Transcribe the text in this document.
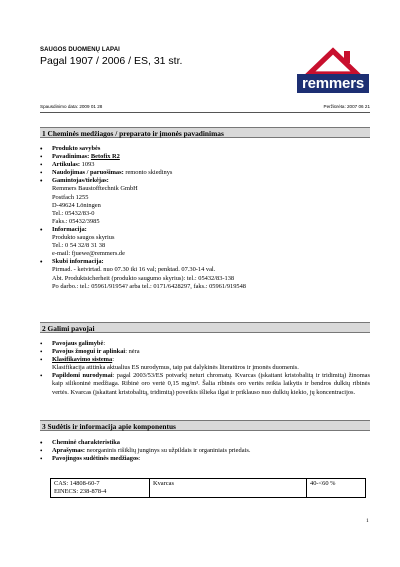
SAUGOS DUOMENŲ LAPAI
Pagal 1907 / 2006 / ES, 31 str.
remmers
Spausdinimo data: 2009 01 28	Peržiūrėta: 2007 06 21
1 Cheminės medžiagos / preparato ir įmonės pavadinimas
• Produkto savybės
• Pavadinimas: Betofix R2
• Artikulas: 1093
• Naudojimas / paruošimas: remonto skiedinys
• Gamintojas/tiekėjas:
Remmers Baustofftechnik GmbH
Postfach 1255
D-49624 Löningen
Tel.: 05432/83-0
Faks.: 05432/3985
• Informacija:
Produkto saugos skyrius
Tel.: 0 54 32/8 31 38
e-mail: fjuewe@remmers.de
• Skubi informacija:
Pirmad. - ketvirtad. nuo 07.30 iki 16 val; penktad. 07.30-14 val.
Abt. Produktsicherheit (produkto saugumo skyrius): tel.: 05432/83-138
Po darbo.: tel.: 05961/91954? arba tel.: 0171/6428297, faks.: 05961/919548
2 Galimi pavojai
• Pavojaus galimybė:
• Pavojus žmogui ir aplinkai: nėra
• Klasifikavimo sistema:
Klasifikacija atitinka aktualius ES nurodymus, taip pat dalykinės literatūros ir įmonės duomenis.
• Papildomi nurodymai: pagal 2003/53/ES potvarkį neturi chromatų. Kvarcas (įskaitant kristobalitą ir tridimitą) žinomas kaip silikoninė medžiaga. Ribinė oro vertė 0,15 mg/m³. Šalia ribinės oro vertės reikia laikytis ir bendros dulkių ribinės vertės. Kvarcas (įskaitant kristobalitą, tridimitą) poveikis išlieka ilgai ir priklauso nuo dulkių kiekio, jų koncentracijos.
3 Sudėtis ir informacija apie komponentus
• Cheminė charakteristika
• Aprašymas: neorganinis rišiklių junginys su užpildais ir organiniais priedais.
• Pavojingos sudėtinės medžiagos:
CAS: 14808-60-7
EINECS: 238-878-4
	Kvarcas	40-<60 %
1
